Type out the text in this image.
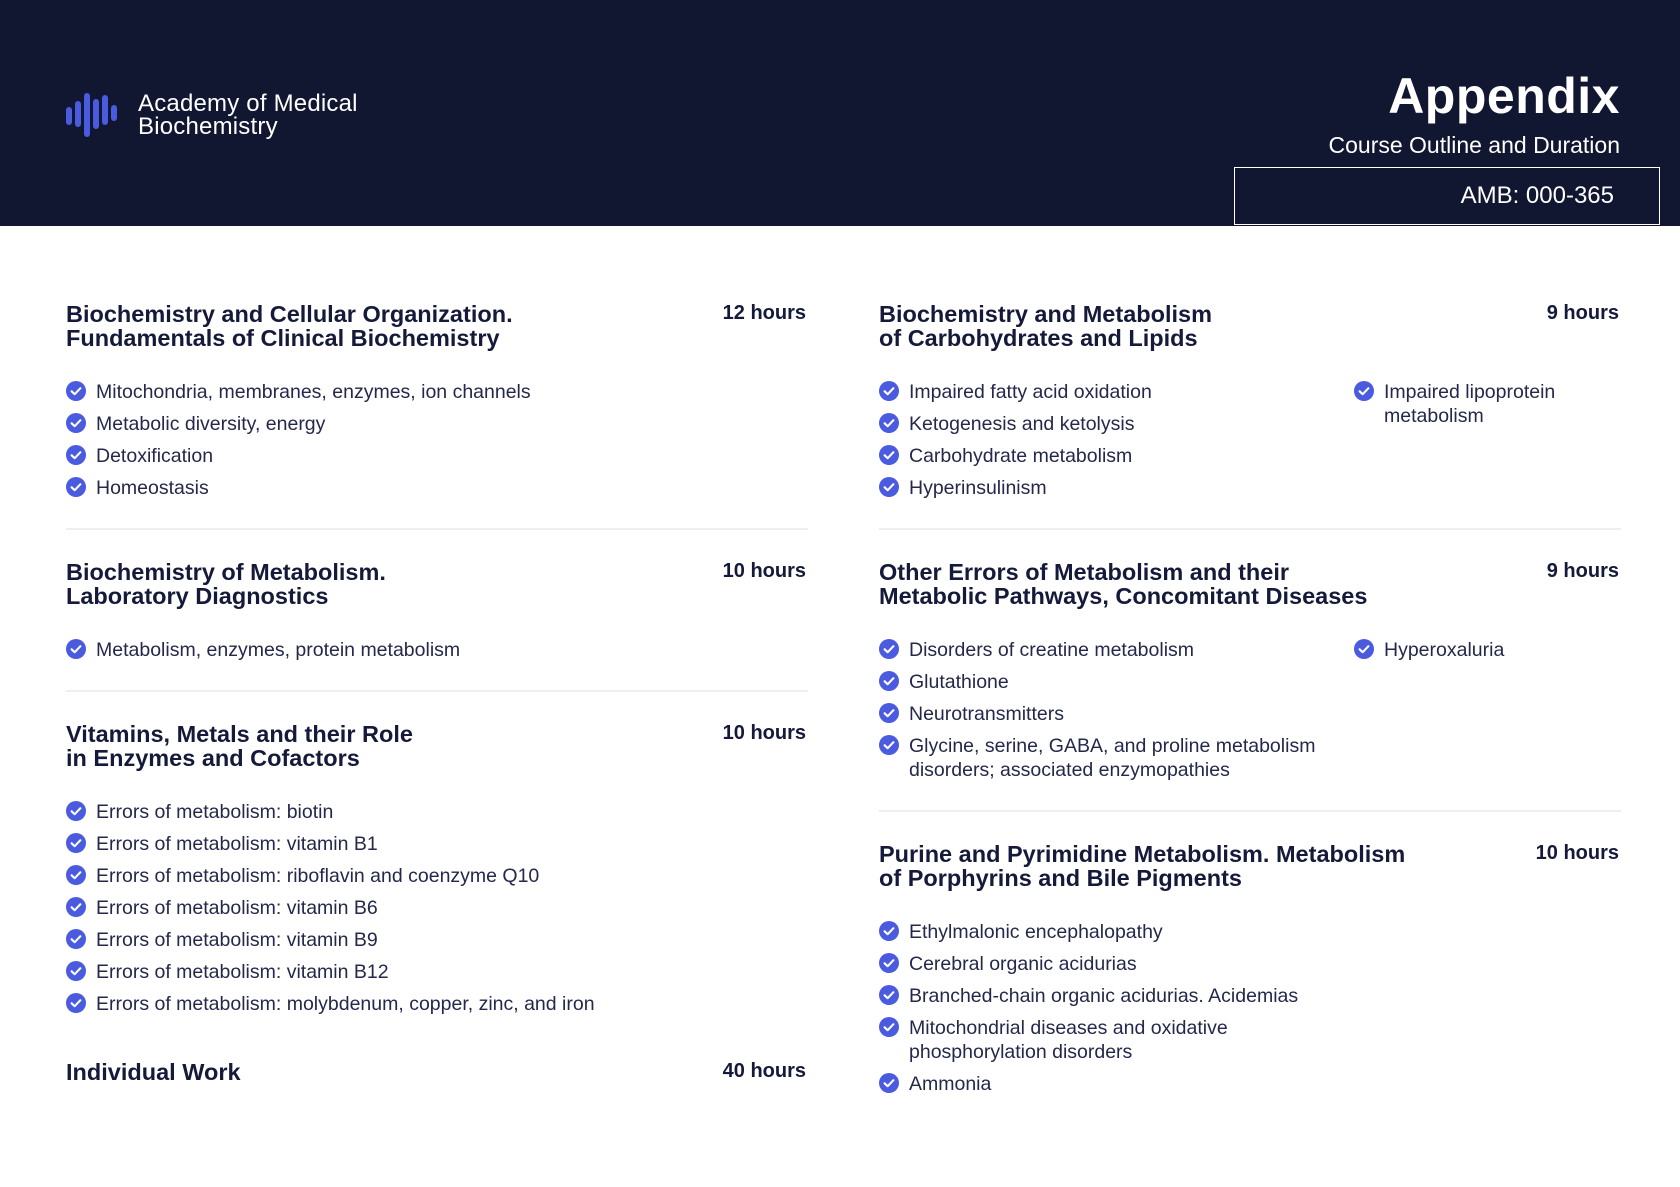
Academy of Medical
Biochemistry
Appendix
Course Outline and Duration
AMB: 000-365
Biochemistry and Cellular Organization.
Fundamentals of Clinical Biochemistry
12 hours
Mitochondria, membranes, enzymes, ion channels
Metabolic diversity, energy
Detoxification
Homeostasis
Biochemistry of Metabolism.
Laboratory Diagnostics
10 hours
Metabolism, enzymes, protein metabolism
Vitamins, Metals and their Role
in Enzymes and Cofactors
10 hours
Errors of metabolism: biotin
Errors of metabolism: vitamin B1
Errors of metabolism: riboflavin and coenzyme Q10
Errors of metabolism: vitamin B6
Errors of metabolism: vitamin B9
Errors of metabolism: vitamin B12
Errors of metabolism: molybdenum, copper, zinc, and iron
Individual Work	40 hours
Biochemistry and Metabolism
of Carbohydrates and Lipids
9 hours
Impaired fatty acid oxidation
Ketogenesis and ketolysis
Carbohydrate metabolism
Hyperinsulinism
Impaired lipoprotein metabolism
Other Errors of Metabolism and their
Metabolic Pathways, Concomitant Diseases
9 hours
Disorders of creatine metabolism
Glutathione
Neurotransmitters
Glycine, serine, GABA, and proline metabolism disorders; associated enzymopathies
Hyperoxaluria
Purine and Pyrimidine Metabolism. Metabolism
of Porphyrins and Bile Pigments
10 hours
Ethylmalonic encephalopathy
Cerebral organic acidurias
Branched-chain organic acidurias. Acidemias
Mitochondrial diseases and oxidative phosphorylation disorders
Ammonia
